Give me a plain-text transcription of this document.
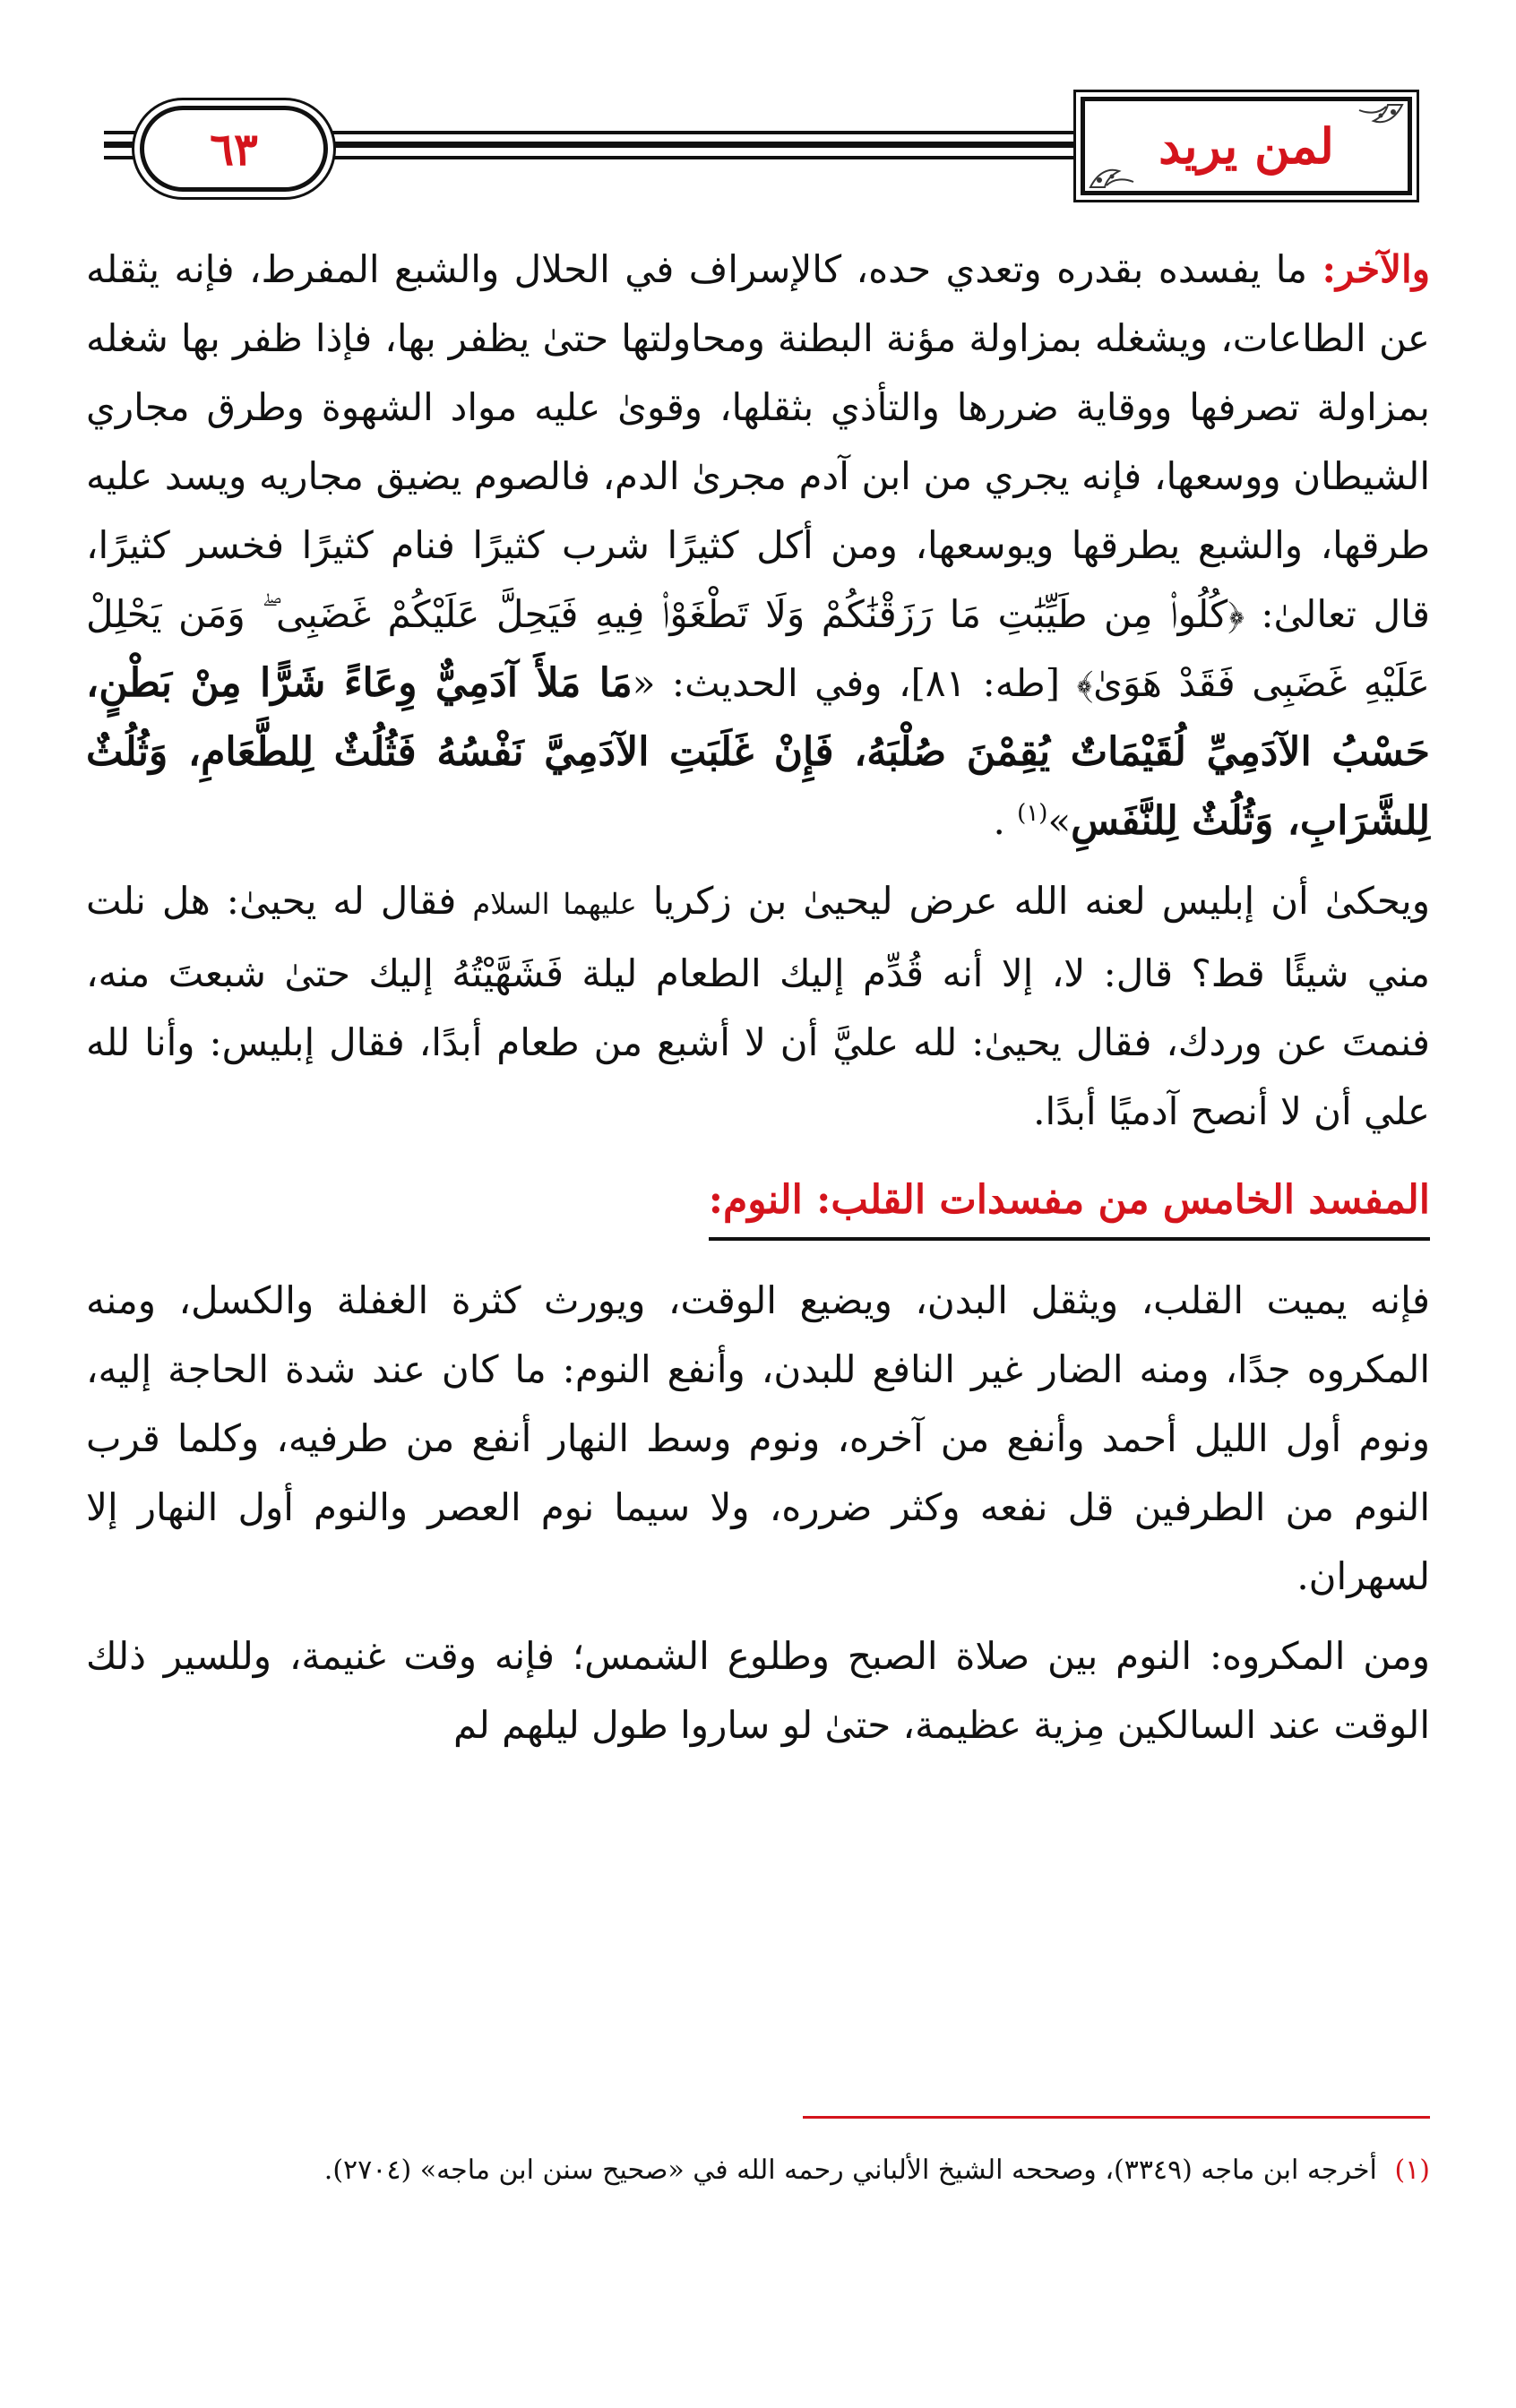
٦٣	لمن يريد

والآخر: ما يفسده بقدره وتعدي حده، كالإسراف في الحلال والشبع المفرط، فإنه يثقله عن الطاعات، ويشغله بمزاولة مؤنة البطنة ومحاولتها حتىٰ يظفر بها، فإذا ظفر بها شغله بمزاولة تصرفها ووقاية ضررها والتأذي بثقلها، وقوىٰ عليه مواد الشهوة وطرق مجاري الشيطان ووسعها، فإنه يجري من ابن آدم مجرىٰ الدم، فالصوم يضيق مجاريه ويسد عليه طرقها، والشبع يطرقها ويوسعها، ومن أكل كثيرًا شرب كثيرًا فنام كثيرًا فخسر كثيرًا، قال تعالىٰ: ﴿كُلُوا۟ مِن طَيِّبَٰتِ مَا رَزَقْنَٰكُمْ وَلَا تَطْغَوْا۟ فِيهِ فَيَحِلَّ عَلَيْكُمْ غَضَبِى ۖ وَمَن يَحْلِلْ عَلَيْهِ غَضَبِى فَقَدْ هَوَىٰ﴾ [طه: ٨١]، وفي الحديث: «مَا مَلأَ آدَمِيٌّ وِعَاءً شَرًّا مِنْ بَطْنٍ، حَسْبُ الآدَمِيِّ لُقَيْمَاتٌ يُقِمْنَ صُلْبَهُ، فَإِنْ غَلَبَتِ الآدَمِيَّ نَفْسُهُ فَثُلُثٌ لِلطَّعَامِ، وَثُلُثٌ لِلشَّرَابِ، وَثُلُثٌ لِلنَّفَسِ»$^{(١)}$ .

ويحكىٰ أن إبليس لعنه الله عرض ليحيىٰ بن زكريا عليهما السلام فقال له يحيىٰ: هل نلت مني شيئًا قط؟ قال: لا، إلا أنه قُدِّم إليك الطعام ليلة فَشَهَّيْتُهُ إليك حتىٰ شبعتَ منه، فنمتَ عن وردك، فقال يحيىٰ: لله عليَّ أن لا أشبع من طعام أبدًا، فقال إبليس: وأنا لله علي أن لا أنصح آدميًا أبدًا.

المفسد الخامس من مفسدات القلب: النوم:

فإنه يميت القلب، ويثقل البدن، ويضيع الوقت، ويورث كثرة الغفلة والكسل، ومنه المكروه جدًا، ومنه الضار غير النافع للبدن، وأنفع النوم: ما كان عند شدة الحاجة إليه، ونوم أول الليل أحمد وأنفع من آخره، ونوم وسط النهار أنفع من طرفيه، وكلما قرب النوم من الطرفين قل نفعه وكثر ضرره، ولا سيما نوم العصر والنوم أول النهار إلا لسهران.

ومن المكروه: النوم بين صلاة الصبح وطلوع الشمس؛ فإنه وقت غنيمة، وللسير ذلك الوقت عند السالكين مِزية عظيمة، حتىٰ لو ساروا طول ليلهم لم

(١) أخرجه ابن ماجه (٣٣٤٩)، وصححه الشيخ الألباني رحمه الله في «صحيح سنن ابن ماجه» (٢٧٠٤).
